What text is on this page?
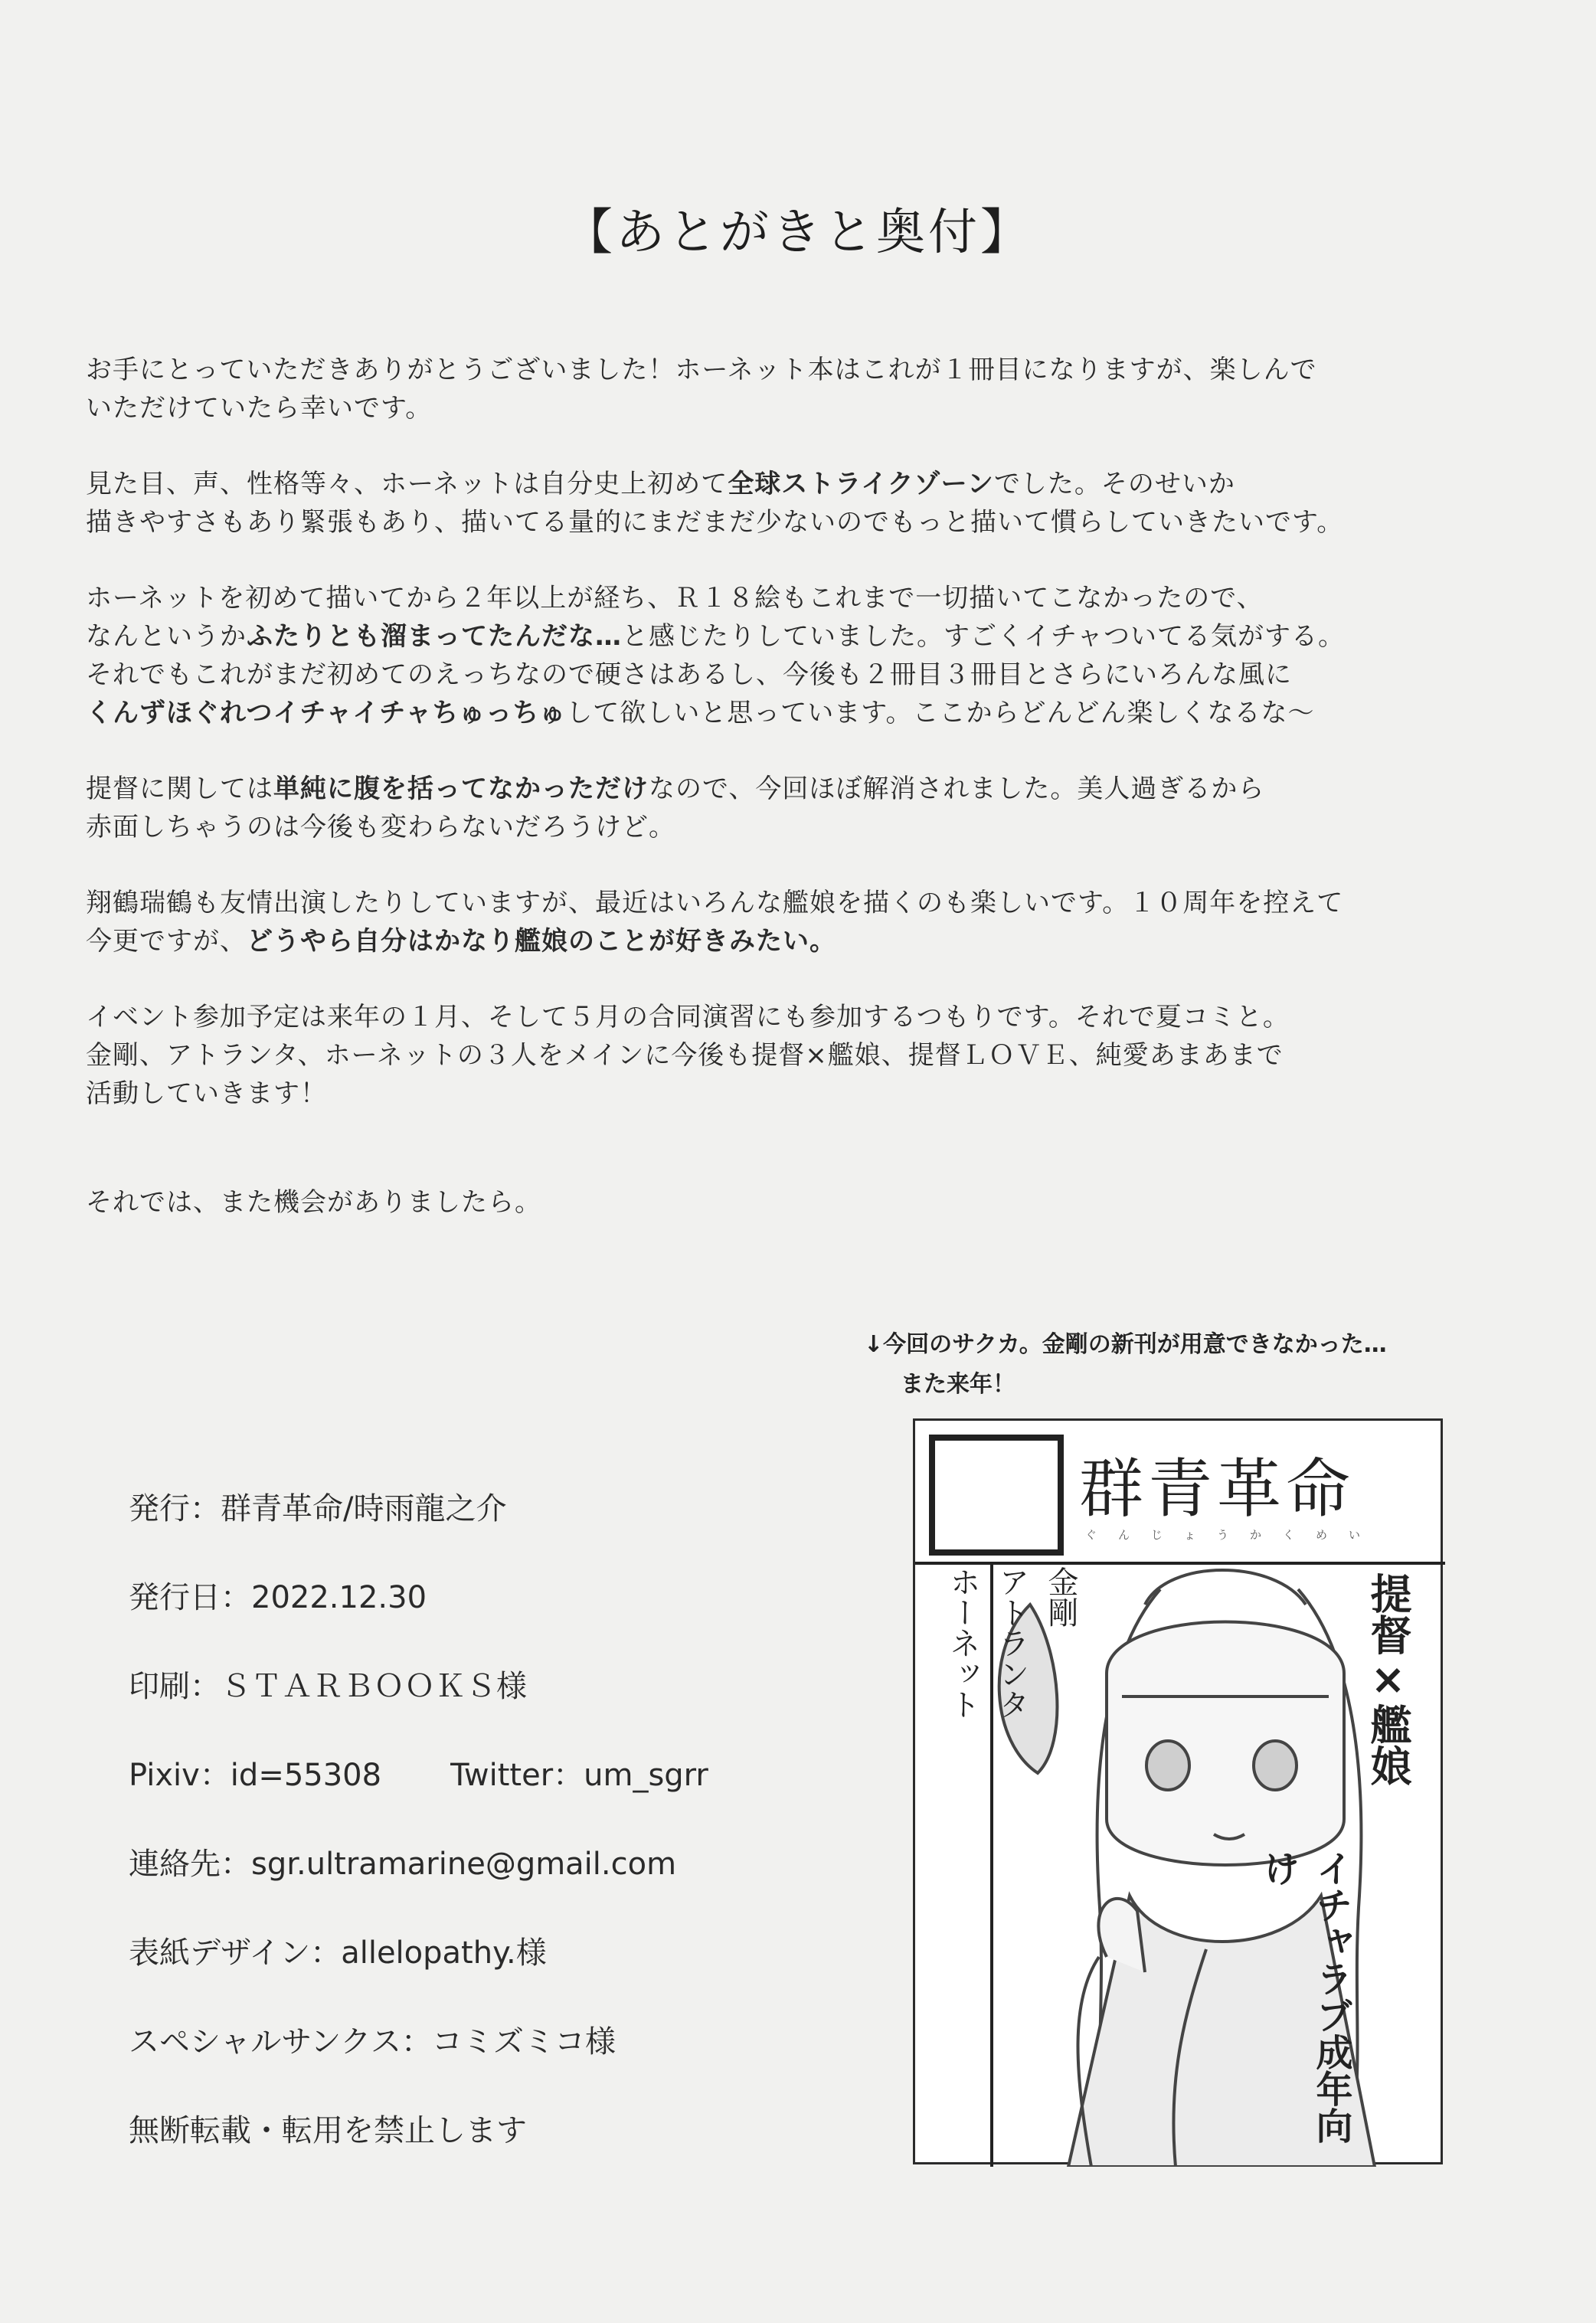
【あとがきと奥付】
お手にとっていただきありがとうございました！ホーネット本はこれが１冊目になりますが、楽しんで
いただけていたら幸いです。
見た目、声、性格等々、ホーネットは自分史上初めて全球ストライクゾーンでした。そのせいか
描きやすさもあり緊張もあり、描いてる量的にまだまだ少ないのでもっと描いて慣らしていきたいです。
ホーネットを初めて描いてから２年以上が経ち、Ｒ１８絵もこれまで一切描いてこなかったので、
なんというかふたりとも溜まってたんだな…と感じたりしていました。すごくイチャついてる気がする。
それでもこれがまだ初めてのえっちなので硬さはあるし、今後も２冊目３冊目とさらにいろんな風に
くんずほぐれつイチャイチャちゅっちゅして欲しいと思っています。ここからどんどん楽しくなるな～
提督に関しては単純に腹を括ってなかっただけなので、今回ほぼ解消されました。美人過ぎるから
赤面しちゃうのは今後も変わらないだろうけど。
翔鶴瑞鶴も友情出演したりしていますが、最近はいろんな艦娘を描くのも楽しいです。１０周年を控えて
今更ですが、どうやら自分はかなり艦娘のことが好きみたい。
イベント参加予定は来年の１月、そして５月の合同演習にも参加するつもりです。それで夏コミと。
金剛、アトランタ、ホーネットの３人をメインに今後も提督×艦娘、提督ＬＯＶＥ、純愛あまあまで
活動していきます！
それでは、また機会がありましたら。
↓今回のサクカ。金剛の新刊が用意できなかった…
また来年！
発行：群青革命/時雨龍之介
発行日：2022.12.30
印刷：ＳＴＡＲＢＯＯＫＳ様
Pixiv：id=55308 Twitter：um_sgrr
連絡先：sgr.ultramarine@gmail.com
表紙デザイン：allelopathy.様
スペシャルサンクス：コミズミコ様
無断転載・転用を禁止します
群青革命
ぐんじょうかくめい
提督×艦娘
イチャラブ成年向け
金剛
アトランタ
ホーネット
